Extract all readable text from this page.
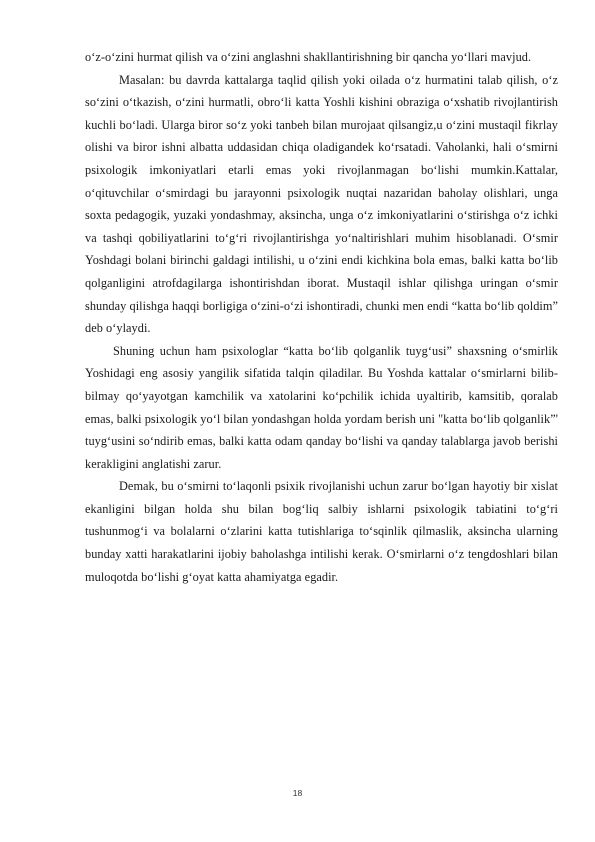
o‘z-o‘zini hurmat qilish va o‘zini anglashni shakllantirishning bir qancha yo‘llari mavjud.

Masalan: bu davrda kattalarga taqlid qilish yoki oilada o‘z hurmatini talab qilish, o‘z so‘zini o‘tkazish, o‘zini hurmatli, obro‘li katta Yoshli kishini obraziga o‘xshatib rivojlantirish kuchli bo‘ladi. Ularga biror so‘z yoki tanbeh bilan murojaat qilsangiz,u o‘zini mustaqil fikrlay olishi va biror ishni albatta uddasidan chiqa oladigandek ko‘rsatadi. Vaholanki, hali o‘smirni psixologik imkoniyatlari etarli emas yoki rivojlanmagan bo‘lishi mumkin.Kattalar, o‘qituvchilar o‘smirdagi bu jarayonni psixologik nuqtai nazaridan baholay olishlari, unga soxta pedagogik, yuzaki yondashmay, aksincha, unga o‘z imkoniyatlarini o‘stirishga o‘z ichki va tashqi qobiliyatlarini to‘g‘ri rivojlantirishga yo‘naltirishlari muhim hisoblanadi. O‘smir Yoshdagi bolani birinchi galdagi intilishi, u o‘zini endi kichkina bola emas, balki katta bo‘lib qolganligini atrofdagilarga ishontirishdan iborat. Mustaqil ishlar qilishga uringan o‘smir shunday qilishga haqqi borligiga o‘zini-o‘zi ishontiradi, chunki men endi “katta bo‘lib qoldim” deb o‘ylaydi.

Shuning uchun ham psixologlar “katta bo‘lib qolganlik tuyg‘usi” shaxsning o‘smirlik Yoshidagi eng asosiy yangilik sifatida talqin qiladilar. Bu Yoshda kattalar o‘smirlarni bilib-bilmay qo‘yayotgan kamchilik va xatolarini ko‘pchilik ichida uyaltirib, kamsitib, qoralab emas, balki psixologik yo‘l bilan yondashgan holda yordam berish uni "katta bo‘lib qolganlik”' tuyg‘usini so‘ndirib emas, balki katta odam qanday bo‘lishi va qanday talablarga javob berishi kerakligini anglatishi zarur.

Demak, bu o‘smirni to‘laqonli psixik rivojlanishi uchun zarur bo‘lgan hayotiy bir xislat ekanligini bilgan holda shu bilan bog‘liq salbiy ishlarni psixologik tabiatini to‘g‘ri tushunmog‘i va bolalarni o‘zlarini katta tutishlariga to‘sqinlik qilmaslik, aksincha ularning bunday xatti harakatlarini ijobiy baholashga intilishi kerak. O‘smirlarni o‘z tengdoshlari bilan muloqotda bo‘lishi g‘oyat katta ahamiyatga egadir.

18
